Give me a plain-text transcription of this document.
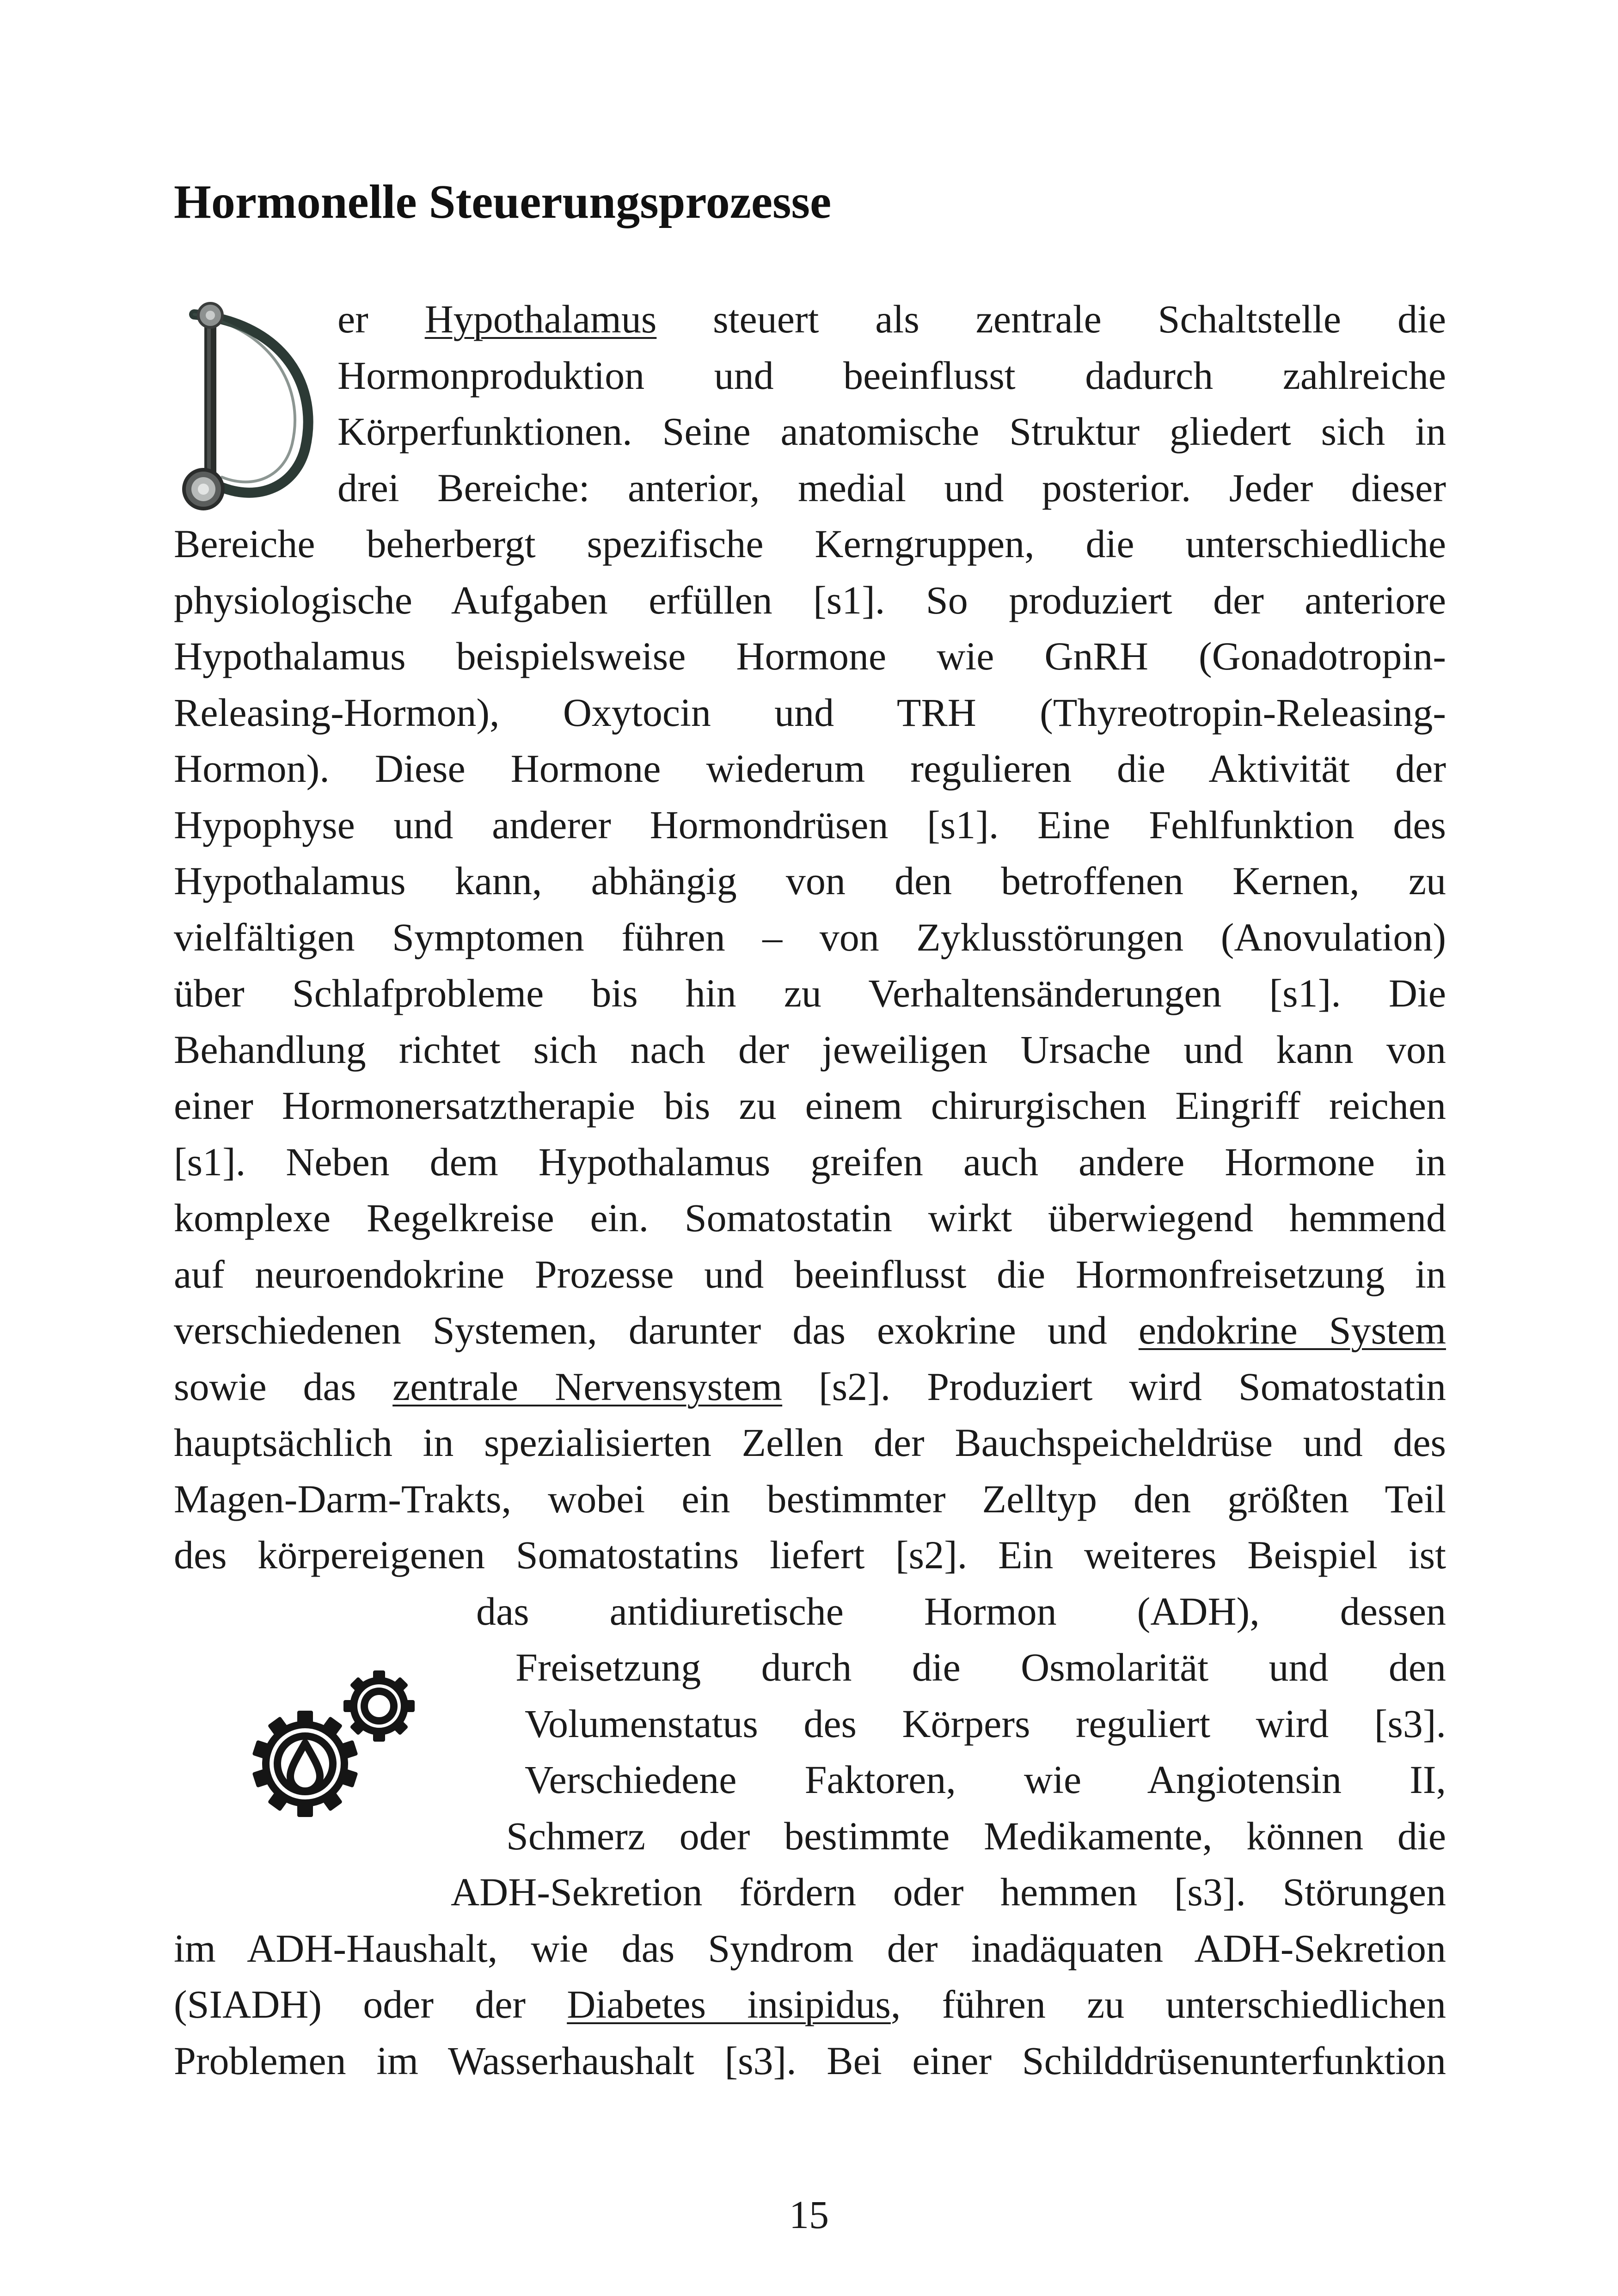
Hormonelle Steuerungsprozesse
er Hypothalamus steuert als zentrale Schaltstelle die
Hormonproduktion und beeinflusst dadurch zahlreiche
Körperfunktionen. Seine anatomische Struktur gliedert sich in
drei Bereiche: anterior, medial und posterior. Jeder dieser
Bereiche beherbergt spezifische Kerngruppen, die unterschiedliche
physiologische Aufgaben erfüllen [s1]. So produziert der anteriore
Hypothalamus beispielsweise Hormone wie GnRH (Gonadotropin-
Releasing-Hormon), Oxytocin und TRH (Thyreotropin-Releasing-
Hormon). Diese Hormone wiederum regulieren die Aktivität der
Hypophyse und anderer Hormondrüsen [s1]. Eine Fehlfunktion des
Hypothalamus kann, abhängig von den betroffenen Kernen, zu
vielfältigen Symptomen führen – von Zyklusstörungen (Anovulation)
über Schlafprobleme bis hin zu Verhaltensänderungen [s1]. Die
Behandlung richtet sich nach der jeweiligen Ursache und kann von
einer Hormonersatztherapie bis zu einem chirurgischen Eingriff reichen
[s1]. Neben dem Hypothalamus greifen auch andere Hormone in
komplexe Regelkreise ein. Somatostatin wirkt überwiegend hemmend
auf neuroendokrine Prozesse und beeinflusst die Hormonfreisetzung in
verschiedenen Systemen, darunter das exokrine und endokrine System
sowie das zentrale Nervensystem [s2]. Produziert wird Somatostatin
hauptsächlich in spezialisierten Zellen der Bauchspeicheldrüse und des
Magen-Darm-Trakts, wobei ein bestimmter Zelltyp den größten Teil
des körpereigenen Somatostatins liefert [s2]. Ein weiteres Beispiel ist
das antidiuretische Hormon (ADH), dessen
Freisetzung durch die Osmolarität und den
Volumenstatus des Körpers reguliert wird [s3].
Verschiedene Faktoren, wie Angiotensin II,
Schmerz oder bestimmte Medikamente, können die
ADH-Sekretion fördern oder hemmen [s3]. Störungen
im ADH-Haushalt, wie das Syndrom der inadäquaten ADH-Sekretion
(SIADH) oder der Diabetes insipidus, führen zu unterschiedlichen
Problemen im Wasserhaushalt [s3]. Bei einer Schilddrüsenunterfunktion
15
